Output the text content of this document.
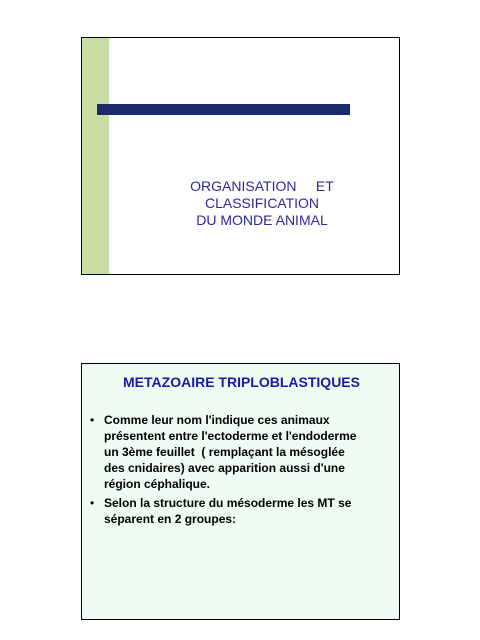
ORGANISATION     ET
CLASSIFICATION
DU MONDE ANIMAL
METAZOAIRE TRIPLOBLASTIQUES
• Comme leur nom l'indique ces animaux
présentent entre l'ectoderme et l'endoderme
un 3ème feuillet  ( remplaçant la mésoglée
des cnidaires) avec apparition aussi d'une
région céphalique.
• Selon la structure du mésoderme les MT se
séparent en 2 groupes:
